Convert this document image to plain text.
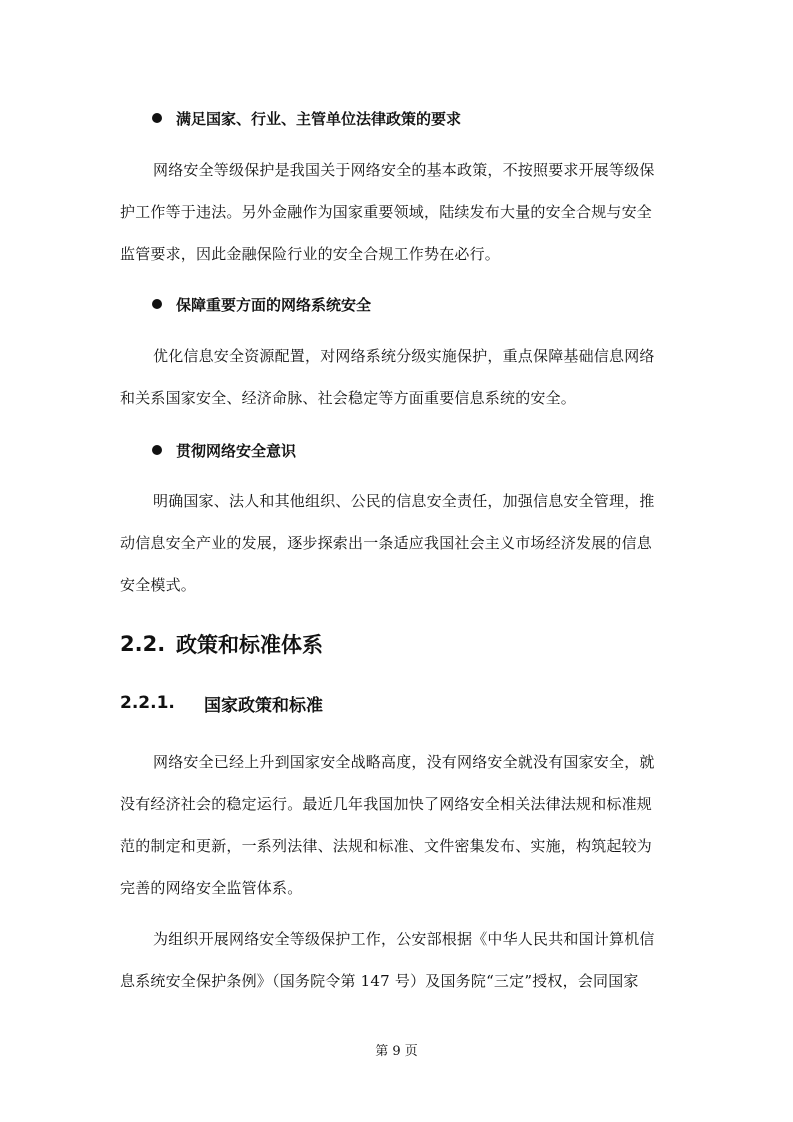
满足国家、行业、主管单位法律政策的要求
网络安全等级保护是我国关于网络安全的基本政策，不按照要求开展等级保
护工作等于违法。另外金融作为国家重要领域，陆续发布大量的安全合规与安全
监管要求，因此金融保险行业的安全合规工作势在必行。
保障重要方面的网络系统安全
优化信息安全资源配置，对网络系统分级实施保护，重点保障基础信息网络
和关系国家安全、经济命脉、社会稳定等方面重要信息系统的安全。
贯彻网络安全意识
明确国家、法人和其他组织、公民的信息安全责任，加强信息安全管理，推
动信息安全产业的发展，逐步探索出一条适应我国社会主义市场经济发展的信息
安全模式。
2.2. 政策和标准体系
2.2.1.	国家政策和标准
网络安全已经上升到国家安全战略高度，没有网络安全就没有国家安全，就
没有经济社会的稳定运行。最近几年我国加快了网络安全相关法律法规和标准规
范的制定和更新，一系列法律、法规和标准、文件密集发布、实施，构筑起较为
完善的网络安全监管体系。
为组织开展网络安全等级保护工作，公安部根据《中华人民共和国计算机信
息系统安全保护条例》（国务院令第 147 号）及国务院“三定”授权，会同国家
第 9 页
